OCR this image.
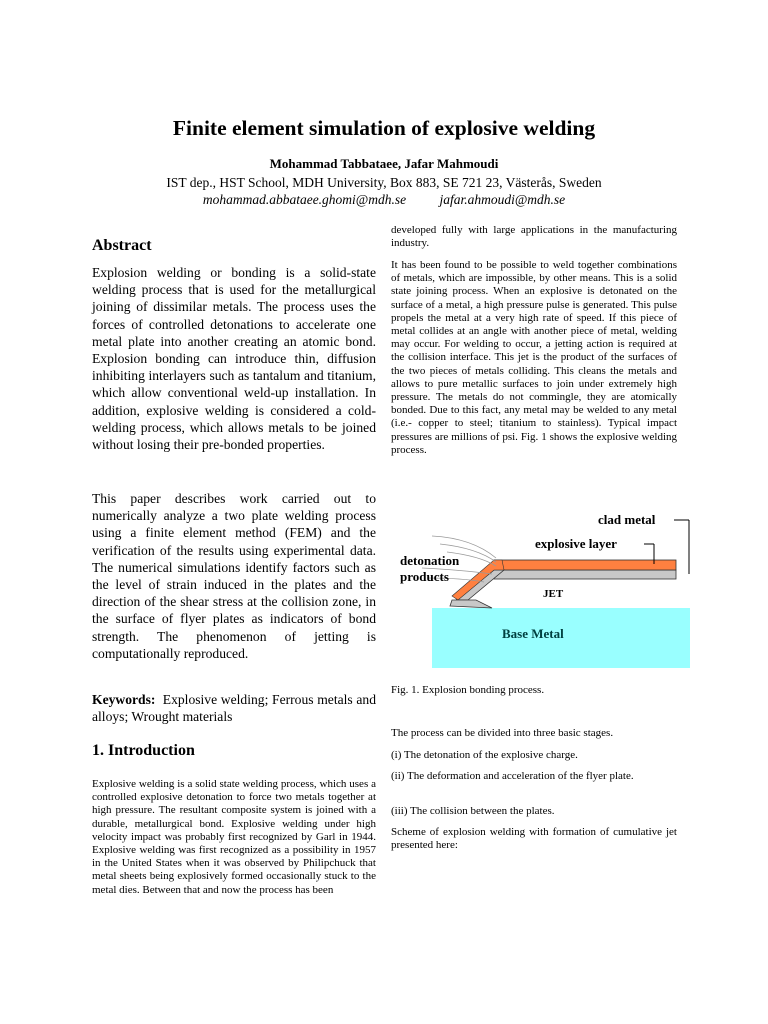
Finite element simulation of explosive welding
Mohammad Tabbataee, Jafar Mahmoudi
IST dep., HST School, MDH University, Box 883, SE 721 23, Västerås, Sweden
mohammad.abbataee.ghomi@mdh.se jafar.ahmoudi@mdh.se
Abstract

Explosion welding or bonding is a solid-state welding process that is used for the metallurgical joining of dissimilar metals. The process uses the forces of controlled detonations to accelerate one metal plate into another creating an atomic bond. Explosion bonding can introduce thin, diffusion inhibiting interlayers such as tantalum and titanium, which allow conventional weld-up installation. In addition, explosive welding is considered a cold-welding process, which allows metals to be joined without losing their pre-bonded properties.

This paper describes work carried out to numerically analyze a two plate welding process using a finite element method (FEM) and the verification of the results using experimental data. The numerical simulations identify factors such as the level of strain induced in the plates and the direction of the shear stress at the collision zone, in the surface of flyer plates as indicators of bond strength. The phenomenon of jetting is computationally reproduced.

Keywords: Explosive welding; Ferrous metals and alloys; Wrought materials

1. Introduction

Explosive welding is a solid state welding process, which uses a controlled explosive detonation to force two metals together at high pressure. The resultant composite system is joined with a durable, metallurgical bond. Explosive welding under high velocity impact was probably first recognized by Garl in 1944. Explosive welding was first recognized as a possibility in 1957 in the United States when it was observed by Philipchuck that metal sheets being explosively formed occasionally stuck to the metal dies. Between that and now the process has been

developed fully with large applications in the manufacturing industry.

It has been found to be possible to weld together combinations of metals, which are impossible, by other means. This is a solid state joining process. When an explosive is detonated on the surface of a metal, a high pressure pulse is generated. This pulse propels the metal at a very high rate of speed. If this piece of metal collides at an angle with another piece of metal, welding may occur. For welding to occur, a jetting action is required at the collision interface. This jet is the product of the surfaces of the two pieces of metals colliding. This cleans the metals and allows to pure metallic surfaces to join under extremely high pressure. The metals do not commingle, they are atomically bonded. Due to this fact, any metal may be welded to any metal (i.e.- copper to steel; titanium to stainless). Typical impact pressures are millions of psi. Fig. 1 shows the explosive welding process.

clad metal
explosive layer
detonation
products
JET
Base Metal

Fig. 1. Explosion bonding process.

The process can be divided into three basic stages.

(i) The detonation of the explosive charge.

(ii) The deformation and acceleration of the flyer plate.

(iii) The collision between the plates.

Scheme of explosion welding with formation of cumulative jet presented here:
